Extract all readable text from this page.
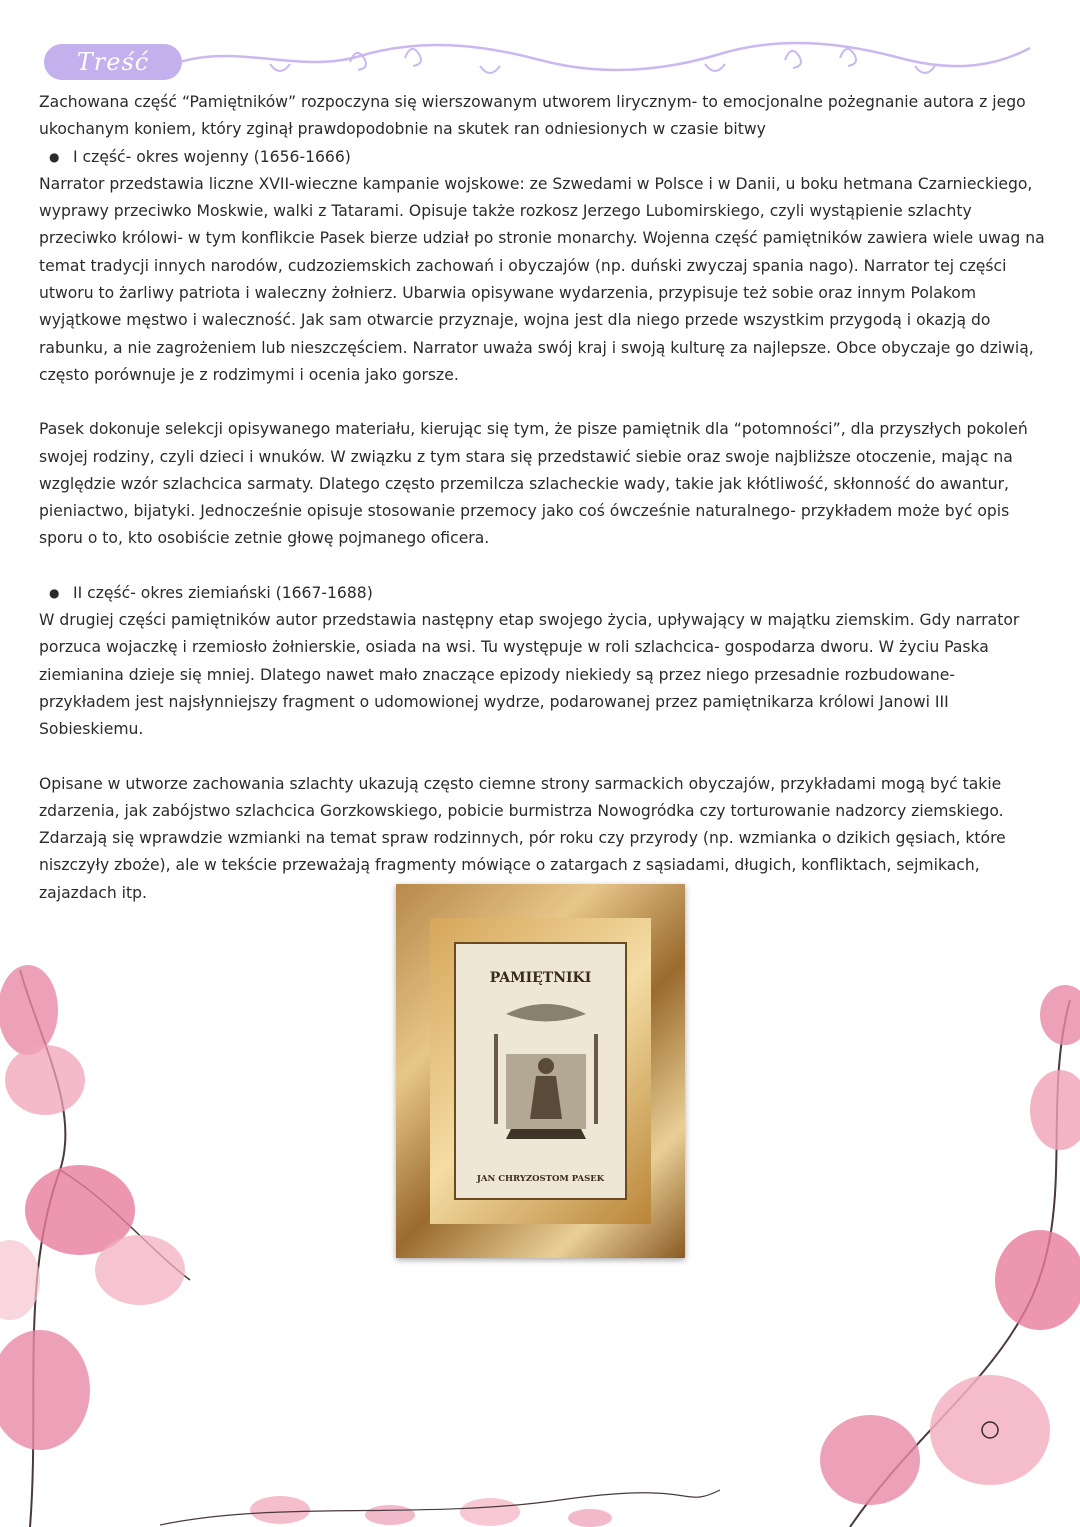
Treść

Zachowana część “Pamiętników” rozpoczyna się wierszowanym utworem lirycznym- to emocjonalne pożegnanie autora z jego ukochanym koniem, który zginął prawdopodobnie na skutek ran odniesionych w czasie bitwy

● I część- okres wojenny (1656-1666)

Narrator przedstawia liczne XVII-wieczne kampanie wojskowe: ze Szwedami w Polsce i w Danii, u boku hetmana Czarnieckiego, wyprawy przeciwko Moskwie, walki z Tatarami. Opisuje także rozkosz Jerzego Lubomirskiego, czyli wystąpienie szlachty przeciwko królowi- w tym konflikcie Pasek bierze udział po stronie monarchy. Wojenna część pamiętników zawiera wiele uwag na temat tradycji innych narodów, cudzoziemskich zachowań i obyczajów (np. duński zwyczaj spania nago). Narrator tej części utworu to żarliwy patriota i waleczny żołnierz. Ubarwia opisywane wydarzenia, przypisuje też sobie oraz innym Polakom wyjątkowe męstwo i waleczność. Jak sam otwarcie przyznaje, wojna jest dla niego przede wszystkim przygodą i okazją do rabunku, a nie zagrożeniem lub nieszczęściem. Narrator uważa swój kraj i swoją kulturę za najlepsze. Obce obyczaje go dziwią, często porównuje je z rodzimymi i ocenia jako gorsze.

Pasek dokonuje selekcji opisywanego materiału, kierując się tym, że pisze pamiętnik dla “potomności”, dla przyszłych pokoleń swojej rodziny, czyli dzieci i wnuków. W związku z tym stara się przedstawić siebie oraz swoje najbliższe otoczenie, mając na względzie wzór szlachcica sarmaty. Dlatego często przemilcza szlacheckie wady, takie jak kłótliwość, skłonność do awantur, pieniactwo, bijatyki. Jednocześnie opisuje stosowanie przemocy jako coś ówcześnie naturalnego- przykładem może być opis sporu o to, kto osobiście zetnie głowę pojmanego oficera.

● II część- okres ziemiański (1667-1688)

W drugiej części pamiętników autor przedstawia następny etap swojego życia, upływający w majątku ziemskim. Gdy narrator porzuca wojaczkę i rzemiosło żołnierskie, osiada na wsi. Tu występuje w roli szlachcica- gospodarza dworu. W życiu Paska ziemianina dzieje się mniej. Dlatego nawet mało znaczące epizody niekiedy są przez niego przesadnie rozbudowane- przykładem jest najsłynniejszy fragment o udomowionej wydrze, podarowanej przez pamiętnikarza królowi Janowi III Sobieskiemu.

Opisane w utworze zachowania szlachty ukazują często ciemne strony sarmackich obyczajów, przykładami mogą być takie zdarzenia, jak zabójstwo szlachcica Gorzkowskiego, pobicie burmistrza Nowogródka czy torturowanie nadzorcy ziemskiego. Zdarzają się wprawdzie wzmianki na temat spraw rodzinnych, pór roku czy przyrody (np. wzmianka o dzikich gęsiach, które niszczyły zboże), ale w tekście przeważają fragmenty mówiące o zatargach z sąsiadami, długich, konfliktach, sejmikach, zajazdach itp.

PAMIĘTNIKI
JAN CHRYZOSTOM PASEK
